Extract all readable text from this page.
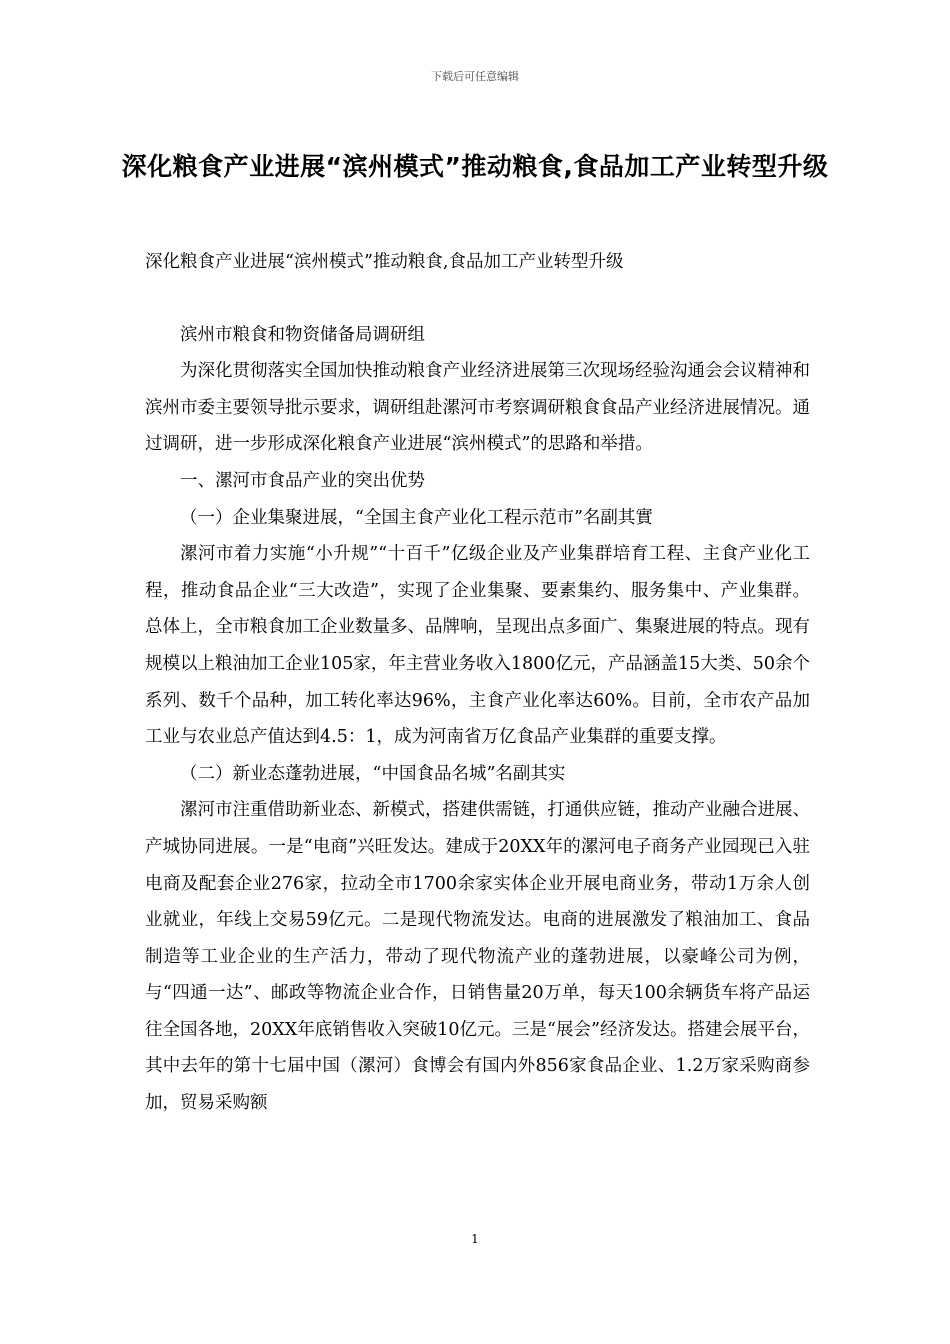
下载后可任意编辑
深化粮食产业进展“滨州模式”推动粮食,食品加工产业转型升级

深化粮食产业进展“滨州模式”推动粮食,食品加工产业转型升级

滨州市粮食和物资储备局调研组

为深化贯彻落实全国加快推动粮食产业经济进展第三次现场经验沟通会会议精神和滨州市委主要领导批示要求，调研组赴漯河市考察调研粮食食品产业经济进展情况。通过调研，进一步形成深化粮食产业进展“滨州模式”的思路和举措。

一、漯河市食品产业的突出优势

（一）企业集聚进展，“全国主食产业化工程示范市”名副其實

漯河市着力实施“小升规”“十百千”亿级企业及产业集群培育工程、主食产业化工程，推动食品企业“三大改造”，实现了企业集聚、要素集约、服务集中、产业集群。总体上，全市粮食加工企业数量多、品牌响，呈现出点多面广、集聚进展的特点。现有规模以上粮油加工企业105家，年主营业务收入1800亿元，产品涵盖15大类、50余个系列、数千个品种，加工转化率达96%，主食产业化率达60%。目前，全市农产品加工业与农业总产值达到4.5：1，成为河南省万亿食品产业集群的重要支撑。

（二）新业态蓬勃进展，“中国食品名城”名副其实

漯河市注重借助新业态、新模式，搭建供需链，打通供应链，推动产业融合进展、产城协同进展。一是“电商”兴旺发达。建成于20XX年的漯河电子商务产业园现已入驻电商及配套企业276家，拉动全市1700余家实体企业开展电商业务，带动1万余人创业就业，年线上交易59亿元。二是现代物流发达。电商的进展激发了粮油加工、食品制造等工业企业的生产活力，带动了现代物流产业的蓬勃进展，以豪峰公司为例，与“四通一达”、邮政等物流企业合作，日销售量20万单，每天100余辆货车将产品运往全国各地，20XX年底销售收入突破10亿元。三是“展会”经济发达。搭建会展平台，其中去年的第十七届中国（漯河）食博会有国内外856家食品企业、1.2万家采购商参加，贸易采购额

1
